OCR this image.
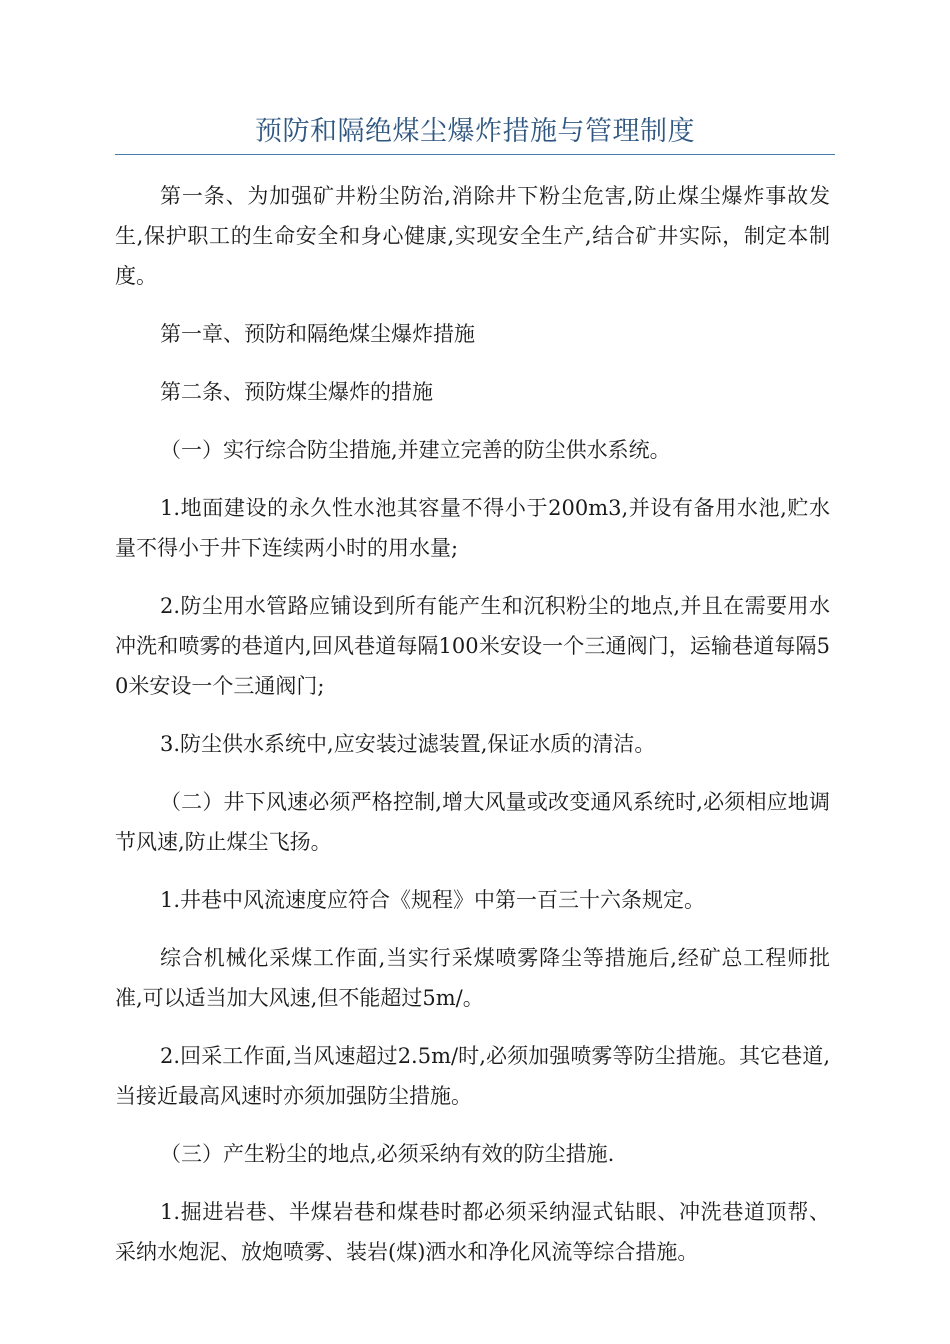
预防和隔绝煤尘爆炸措施与管理制度

第一条、为加强矿井粉尘防治,消除井下粉尘危害,防止煤尘爆炸事故发生,保护职工的生命安全和身心健康,实现安全生产,结合矿井实际，制定本制度。

第一章、预防和隔绝煤尘爆炸措施

第二条、预防煤尘爆炸的措施

（一）实行综合防尘措施,并建立完善的防尘供水系统。

1.地面建设的永久性水池其容量不得小于200m3,并设有备用水池,贮水量不得小于井下连续两小时的用水量;

2.防尘用水管路应铺设到所有能产生和沉积粉尘的地点,并且在需要用水冲洗和喷雾的巷道内,回风巷道每隔100米安设一个三通阀门，运输巷道每隔50米安设一个三通阀门;

3.防尘供水系统中,应安装过滤装置,保证水质的清洁。

（二）井下风速必须严格控制,增大风量或改变通风系统时,必须相应地调节风速,防止煤尘飞扬。

1.井巷中风流速度应符合《规程》中第一百三十六条规定。

综合机械化采煤工作面,当实行采煤喷雾降尘等措施后,经矿总工程师批准,可以适当加大风速,但不能超过5m/。

2.回采工作面,当风速超过2.5m/时,必须加强喷雾等防尘措施。其它巷道,当接近最高风速时亦须加强防尘措施。

（三）产生粉尘的地点,必须采纳有效的防尘措施.

1.掘进岩巷、半煤岩巷和煤巷时都必须采纳湿式钻眼、冲洗巷道顶帮、采纳水炮泥、放炮喷雾、装岩(煤)洒水和净化风流等综合措施。
